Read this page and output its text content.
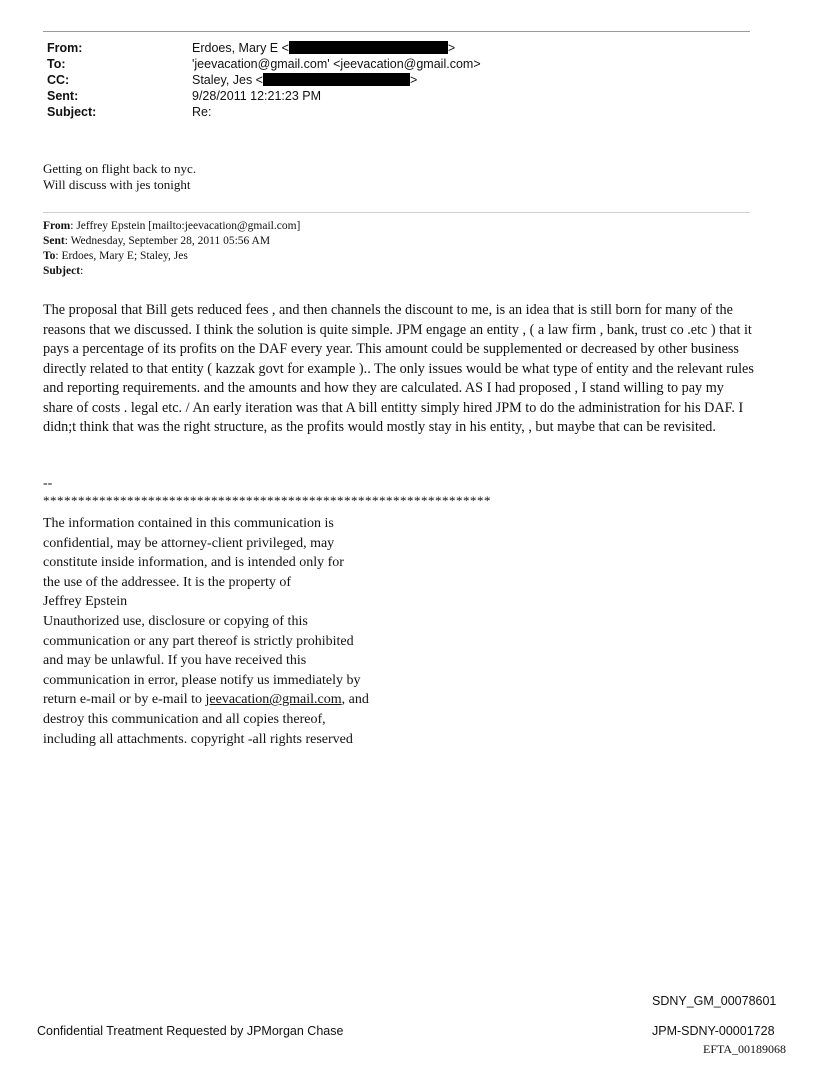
From:	Erdoes, Mary E <	>
To:	'jeevacation@gmail.com' <jeevacation@gmail.com>
CC:	Staley, Jes <	>
Sent:	9/28/2011 12:21:23 PM
Subject:	Re:
Getting on flight back to nyc.
Will discuss with jes tonight
From: Jeffrey Epstein [mailto:jeevacation@gmail.com]
Sent: Wednesday, September 28, 2011 05:56 AM
To: Erdoes, Mary E; Staley, Jes
Subject:

The proposal that Bill gets reduced fees , and then channels the discount to me, is an idea that is still born for many of the reasons that we discussed. I think the solution is quite simple. JPM engage an entity , ( a law firm , bank, trust co .etc ) that it pays a percentage of its profits on the DAF every year. This amount could be supplemented or decreased by other business directly related to that entity ( kazzak govt for example ).. The only issues would be what type of entity and the relevant rules and reporting requirements. and the amounts and how they are calculated. AS I had proposed , I stand willing to pay my share of costs . legal etc. / An early iteration was that A bill entitty simply hired JPM to do the administration for his DAF. I didn;t think that was the right structure, as the profits would mostly stay in his entity, , but maybe that can be revisited.

--
****************************************************************
The information contained in this communication is
confidential, may be attorney-client privileged, may
constitute inside information, and is intended only for
the use of the addressee. It is the property of
Jeffrey Epstein
Unauthorized use, disclosure or copying of this
communication or any part thereof is strictly prohibited
and may be unlawful. If you have received this
communication in error, please notify us immediately by
return e-mail or by e-mail to jeevacation@gmail.com, and
destroy this communication and all copies thereof,
including all attachments. copyright -all rights reserved
SDNY_GM_00078601
Confidential Treatment Requested by JPMorgan Chase	JPM-SDNY-00001728
EFTA_00189068
